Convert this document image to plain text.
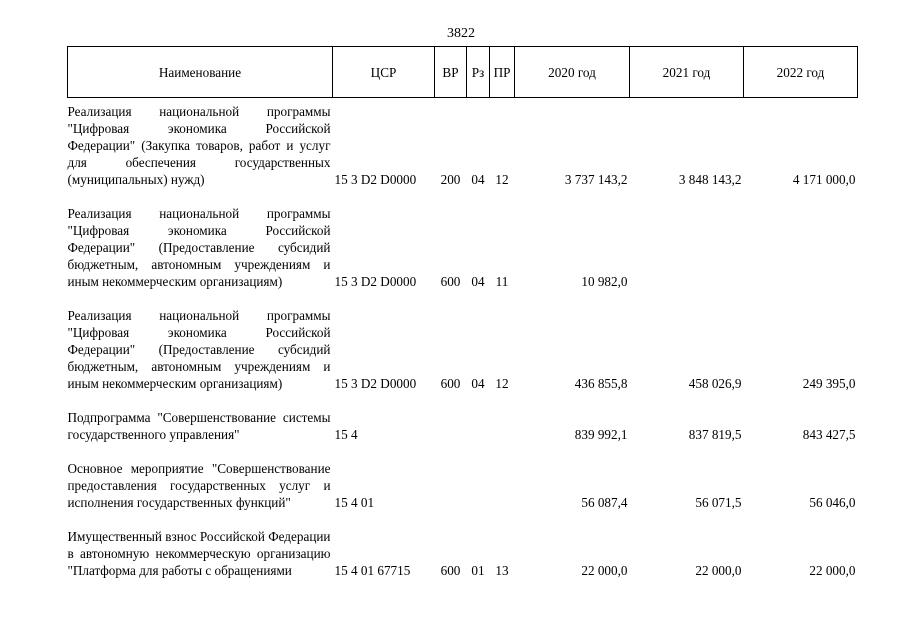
3822
Наименование	ЦСР	ВР	Рз	ПР	2020 год	2021 год	2022 год

Реализация национальной программы "Цифровая экономика Российской Федерации" (Закупка товаров, работ и услуг для обеспечения государственных (муниципальных) нужд)	15 3 D2 D0000	200	04	12	3 737 143,2	3 848 143,2	4 171 000,0

Реализация национальной программы "Цифровая экономика Российской Федерации" (Предоставление субсидий бюджетным, автономным учреждениям и иным некоммерческим организациям)	15 3 D2 D0000	600	04	11	10 982,0		

Реализация национальной программы "Цифровая экономика Российской Федерации" (Предоставление субсидий бюджетным, автономным учреждениям и иным некоммерческим организациям)	15 3 D2 D0000	600	04	12	436 855,8	458 026,9	249 395,0

Подпрограмма "Совершенствование системы государственного управления"	15 4				839 992,1	837 819,5	843 427,5

Основное мероприятие "Совершенствование предоставления государственных услуг и исполнения государственных функций"	15 4 01				56 087,4	56 071,5	56 046,0

Имущественный взнос Российской Федерации в автономную некоммерческую организацию "Платформа для работы с обращениями	15 4 01 67715	600	01	13	22 000,0	22 000,0	22 000,0
